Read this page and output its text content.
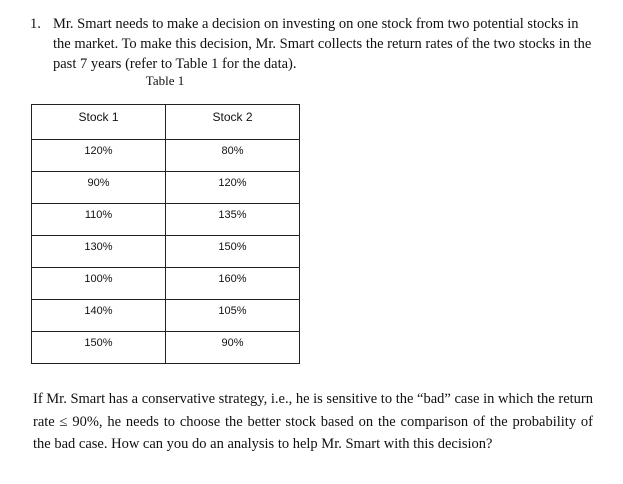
1. Mr. Smart needs to make a decision on investing on one stock from two potential stocks in the market. To make this decision, Mr. Smart collects the return rates of the two stocks in the past 7 years (refer to Table 1 for the data).
Table 1
Stock 1	Stock 2
120%	80%
90%	120%
110%	135%
130%	150%
100%	160%
140%	105%
150%	90%
If Mr. Smart has a conservative strategy, i.e., he is sensitive to the “bad” case in which the return rate ≤ 90%, he needs to choose the better stock based on the comparison of the probability of the bad case. How can you do an analysis to help Mr. Smart with this decision?
